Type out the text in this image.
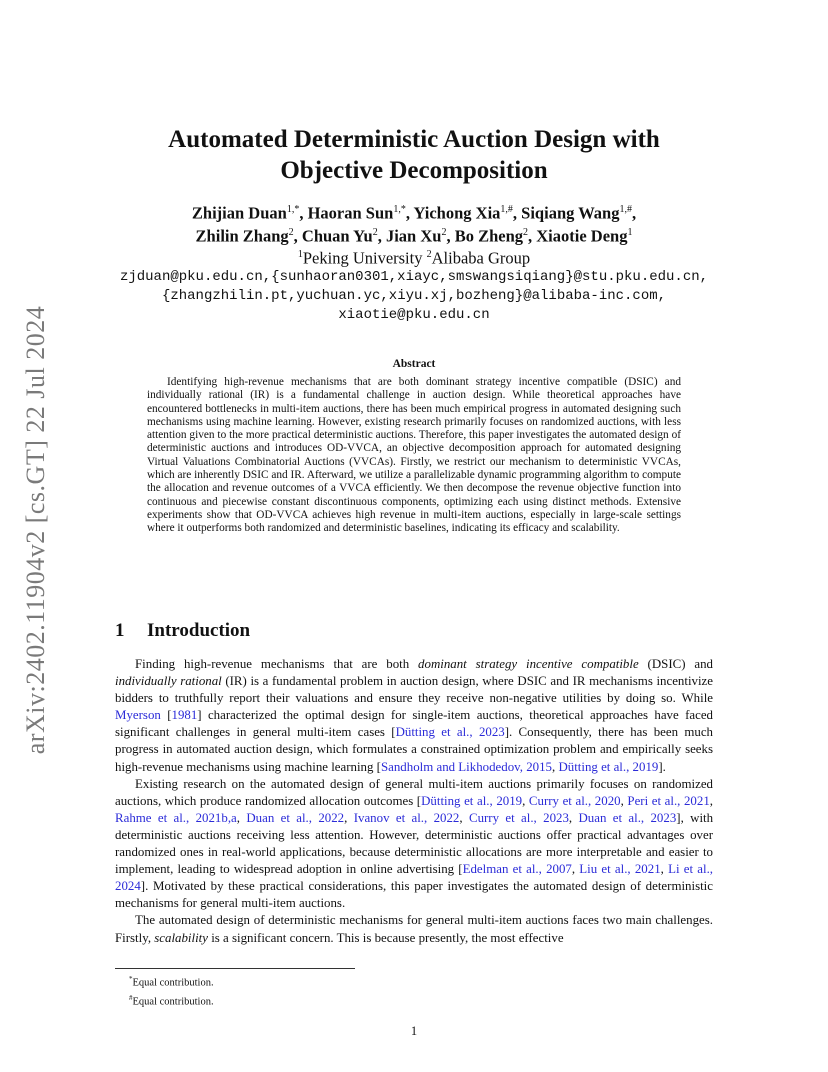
arXiv:2402.11904v2 [cs.GT] 22 Jul 2024
Automated Deterministic Auction Design with
Objective Decomposition
Zhijian Duan$^{1,*}$, Haoran Sun$^{1,*}$, Yichong Xia$^{1,\#}$, Siqiang Wang$^{1,\#}$,
Zhilin Zhang$^2$, Chuan Yu$^2$, Jian Xu$^2$, Bo Zheng$^2$, Xiaotie Deng$^1$
$^1$Peking University $^2$Alibaba Group
zjduan@pku.edu.cn,{sunhaoran0301,xiayc,smswangsiqiang}@stu.pku.edu.cn,
{zhangzhilin.pt,yuchuan.yc,xiyu.xj,bozheng}@alibaba-inc.com,
xiaotie@pku.edu.cn
Abstract
Identifying high-revenue mechanisms that are both dominant strategy incentive compatible (DSIC) and individually rational (IR) is a fundamental challenge in auction design. While theoretical approaches have encountered bottlenecks in multi-item auctions, there has been much empirical progress in automated designing such mechanisms using machine learning. However, existing research primarily focuses on randomized auctions, with less attention given to the more practical deterministic auctions. Therefore, this paper investigates the automated design of deterministic auctions and introduces OD-VVCA, an objective decomposition approach for automated designing Virtual Valuations Combinatorial Auctions (VVCAs). Firstly, we restrict our mechanism to deterministic VVCAs, which are inherently DSIC and IR. Afterward, we utilize a parallelizable dynamic programming algorithm to compute the allocation and revenue outcomes of a VVCA efficiently. We then decompose the revenue objective function into continuous and piecewise constant discontinuous components, optimizing each using distinct methods. Extensive experiments show that OD-VVCA achieves high revenue in multi-item auctions, especially in large-scale settings where it outperforms both randomized and deterministic baselines, indicating its efficacy and scalability.
1 Introduction

Finding high-revenue mechanisms that are both dominant strategy incentive compatible (DSIC) and individually rational (IR) is a fundamental problem in auction design, where DSIC and IR mechanisms incentivize bidders to truthfully report their valuations and ensure they receive non-negative utilities by doing so. While Myerson [1981] characterized the optimal design for single-item auctions, theoretical approaches have faced significant challenges in general multi-item cases [Dütting et al., 2023]. Consequently, there has been much progress in automated auction design, which formulates a constrained optimization problem and empirically seeks high-revenue mechanisms using machine learning [Sandholm and Likhodedov, 2015, Dütting et al., 2019].

Existing research on the automated design of general multi-item auctions primarily focuses on randomized auctions, which produce randomized allocation outcomes [Dütting et al., 2019, Curry et al., 2020, Peri et al., 2021, Rahme et al., 2021b,a, Duan et al., 2022, Ivanov et al., 2022, Curry et al., 2023, Duan et al., 2023], with deterministic auctions receiving less attention. However, deterministic auctions offer practical advantages over randomized ones in real-world applications, because deterministic allocations are more interpretable and easier to implement, leading to widespread adoption in online advertising [Edelman et al., 2007, Liu et al., 2021, Li et al., 2024]. Motivated by these practical considerations, this paper investigates the automated design of deterministic mechanisms for general multi-item auctions.

The automated design of deterministic mechanisms for general multi-item auctions faces two main challenges. Firstly, scalability is a significant concern. This is because presently, the most effective

*Equal contribution.
#Equal contribution.
1
